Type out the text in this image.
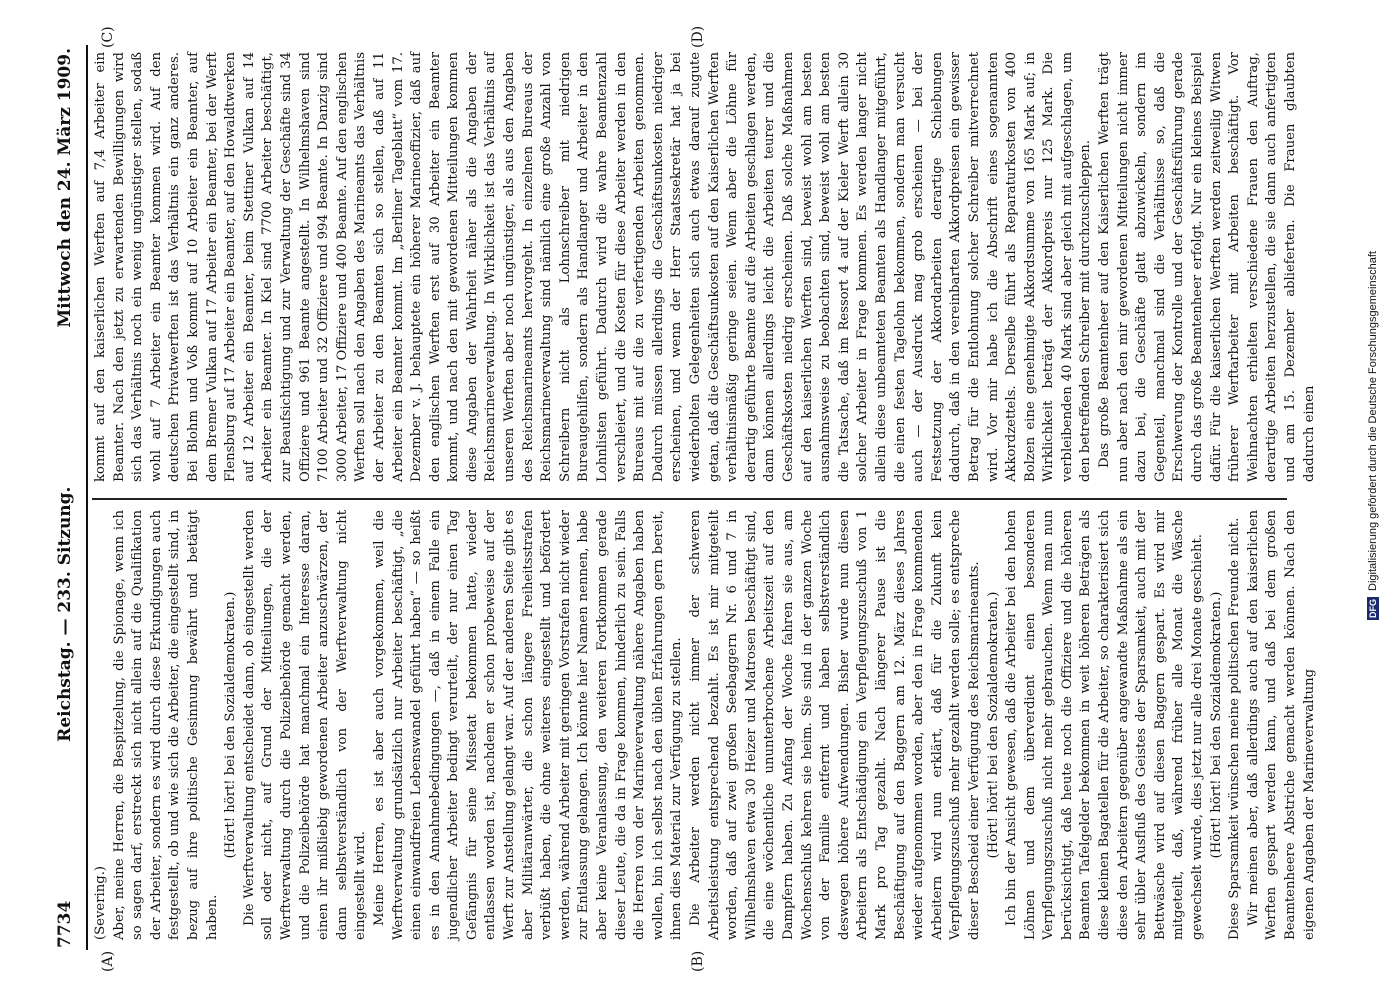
7734
Reichstag. — 233. Sitzung.
Mittwoch den 24. März 1909.
(A)	(B)
(C)	(D)

(Severing.) Aber, meine Herren, die Bespitzelung, die Spionage, wenn ich so sagen darf, erstreckt sich nicht allein auf die Qualifikation der Arbeiter, sondern es wird durch diese Erkundigungen auch festgestellt, ob und wie sich die Arbeiter, die eingestellt sind, in bezug auf ihre politische Gesinnung bewährt und betätigt haben.

(Hört! hört! bei den Sozialdemokraten.) Die Werftverwaltung entscheidet dann, ob eingestellt werden soll oder nicht, auf Grund der Mitteilungen, die der Werftverwaltung durch die Polizeibehörde gemacht werden, und die Polizeibehörde hat manchmal ein Interesse daran, einen ihr mißliebig gewordenen Arbeiter anzuschwärzen, der dann selbstverständlich von der Werftverwaltung nicht eingestellt wird. Meine Herren, es ist aber auch vorgekommen, weil die Werftverwaltung grundsätzlich nur Arbeiter beschäftigt, „die einen einwandfreien Lebenswandel geführt haben“ — so heißt es in den Annahmebedingungen —, daß in einem Falle ein jugendlicher Arbeiter bedingt verurteilt, der nur einen Tag Gefängnis für seine Missetat bekommen hatte, wieder entlassen worden ist, nachdem er schon probeweise auf der Werft zur Anstellung gelangt war. Auf der anderen Seite gibt es aber Militäranwärter, die schon längere Freiheitsstrafen verbüßt haben, die ohne weiteres eingestellt und befördert werden, während Arbeiter mit geringen Vorstrafen nicht wieder zur Entlassung gelangen. Ich könnte hier Namen nennen, habe aber keine Veranlassung, den weiteren Fortkommen gerade dieser Leute, die da in Frage kommen, hinderlich zu sein. Falls die Herren von der Marineverwaltung nähere Angaben haben wollen, bin ich selbst nach den üblen Erfahrungen gern bereit, ihnen dies Material zur Verfügung zu stellen. Die Arbeiter werden nicht immer der schweren Arbeitsleistung entsprechend bezahlt. Es ist mir mitgeteilt worden, daß auf zwei großen Seebaggern Nr. 6 und 7 in Wilhelmshaven etwa 30 Heizer und Matrosen beschäftigt sind, die eine wöchentliche ununterbrochene Arbeitszeit auf den Dampfern haben. Zu Anfang der Woche fahren sie aus, am Wochenschluß kehren sie heim. Sie sind in der ganzen Woche von der Familie entfernt und haben selbstverständlich deswegen höhere Aufwendungen. Bisher wurde nun diesen Arbeitern als Entschädigung ein Verpflegungszuschuß von 1 Mark pro Tag gezahlt. Nach längerer Pause ist die Beschäftigung auf den Baggern am 12. März dieses Jahres wieder aufgenommen worden, aber den in Frage kommenden Arbeitern wird nun erklärt, daß für die Zukunft kein Verpflegungszuschuß mehr gezahlt werden solle; es entspreche dieser Bescheid einer Verfügung des Reichsmarineamts. (Hört! hört! bei den Sozialdemokraten.) Ich bin der Ansicht gewesen, daß die Arbeiter bei den hohen Löhnen und dem überverdient einen besonderen Verpflegungszuschuß nicht mehr gebrauchen. Wenn man nun berücksichtigt, daß heute noch die Offiziere und die höheren Beamten Tafelgelder bekommen in weit höheren Beträgen als diese kleinen Bagatellen für die Arbeiter, so charakterisiert sich diese den Arbeitern gegenüber angewandte Maßnahme als ein sehr übler Ausfluß des Geistes der Sparsamkeit, auch mit der Bettwäsche wird auf diesen Baggern gespart. Es wird mir mitgeteilt, daß, während früher alle Monat die Wäsche gewechselt wurde, dies jetzt nur alle drei Monate geschieht. (Hört! hört! bei den Sozialdemokraten.) Diese Sparsamkeit wünschen meine politischen Freunde nicht. Wir meinen aber, daß allerdings auch auf den kaiserlichen Werften gespart werden kann, und daß bei dem großen Beamtenheere Abstriche gemacht werden können. Nach den eigenen Angaben der Marineverwaltung

kommt auf den kaiserlichen Werften auf 7,4 Arbeiter ein Beamter. Nach den jetzt zu erwartenden Bewilligungen wird sich das Verhältnis noch ein wenig ungünstiger stellen, sodaß wohl auf 7 Arbeiter ein Beamter kommen wird. Auf den deutschen Privatwerften ist das Verhältnis ein ganz anderes. Bei Blohm und Voß kommt auf 10 Arbeiter ein Beamter, auf dem Bremer Vulkan auf 17 Arbeiter ein Beamter, bei der Werft Flensburg auf 17 Arbeiter ein Beamter, auf den Howaldtwerken auf 12 Arbeiter ein Beamter, beim Stettiner Vulkan auf 14 Arbeiter ein Beamter. In Kiel sind 7700 Arbeiter beschäftigt, zur Beaufsichtigung und zur Verwaltung der Geschäfte sind 34 Offiziere und 961 Beamte angestellt. In Wilhelmshaven sind 7100 Arbeiter und 32 Offiziere und 994 Beamte. In Danzig sind 3000 Arbeiter, 17 Offiziere und 400 Beamte. Auf den englischen Werften soll nach den Angaben des Marineamts das Verhältnis der Arbeiter zu den Beamten sich so stellen, daß auf 11 Arbeiter ein Beamter kommt. Im „Berliner Tageblatt“ vom 17. Dezember v. J. behauptete ein höherer Marineoffizier, daß auf den englischen Werften erst auf 30 Arbeiter ein Beamter kommt, und nach den mit gewordenen Mitteilungen kommen diese Angaben der Wahrheit näher als die Angaben der Reichsmarineverwaltung. In Wirklichkeit ist das Verhältnis auf unseren Werften aber noch ungünstiger, als aus den Angaben des Reichsmarineamts hervorgeht. In einzelnen Bureaus der Reichsmarineverwaltung sind nämlich eine große Anzahl von Schreibern nicht als Lohnschreiber mit niedrigen Bureaugehilfen, sondern als Handlanger und Arbeiter in den Lohnlisten geführt. Dadurch wird die wahre Beamtenzahl verschleiert, und die Kosten für diese Arbeiter werden in den Bureaus mit auf die zu verfertigenden Arbeiten genommen. Dadurch müssen allerdings die Geschäftsunkosten niedriger erscheinen, und wenn der Herr Staatssekretär hat ja bei wiederholten Gelegenheiten sich auch etwas darauf zugute getan, daß die Geschäftsunkosten auf den Kaiserlichen Werften verhältnismäßig geringe seien. Wenn aber die Löhne für derartig geführte Beamte auf die Arbeiten geschlagen werden, dann können allerdings leicht die Arbeiten teurer und die Geschäftskosten niedrig erscheinen. Daß solche Maßnahmen auf den kaiserlichen Werften sind, beweist wohl am besten ausnahmsweise zu beobachten sind, beweist wohl am besten die Tatsache, daß im Ressort 4 auf der Kieler Werft allein 30 solcher Arbeiter in Frage kommen. Es werden langer nicht allein diese unbeamteten Beamten als Handlanger mitgeführt, die einen festen Tagelohn bekommen, sondern man versucht auch — der Ausdruck mag grob erscheinen — bei der Festsetzung der Akkordarbeiten derartige Schiebungen dadurch, daß in den vereinbarten Akkordpreisen ein gewisser Betrag für die Entlohnung solcher Schreiber mitverrechnet wird. Vor mir habe ich die Abschrift eines sogenannten Akkordzettels. Derselbe führt als Reparaturkosten von 400 Bolzen eine genehmigte Akkordsumme von 165 Mark auf; in Wirklichkeit beträgt der Akkordpreis nur 125 Mark. Die verbleibenden 40 Mark sind aber gleich mit aufgeschlagen, um den betreffenden Schreiber mit durchzuschleppen. Das große Beamtenheer auf den Kaiserlichen Werften trägt nun aber nach den mir gewordenen Mitteilungen nicht immer dazu bei, die Geschäfte glatt abzuwickeln, sondern im Gegenteil, manchmal sind die Verhältnisse so, daß die Erschwerung der Kontrolle und der Geschäftsführung gerade durch das große Beamtenheer erfolgt. Nur ein kleines Beispiel dafür. Für die kaiserlichen Werften werden zeitweilig Witwen früherer Werftarbeiter mit Arbeiten beschäftigt. Vor Weihnachten erhielten verschiedene Frauen den Auftrag, derartige Arbeiten herzustellen, die sie dann auch anfertigten und am 15. Dezember ablieferten. Die Frauen glaubten dadurch einen

DFG
Digitalisierung gefördert durch die Deutsche Forschungsgemeinschaft
